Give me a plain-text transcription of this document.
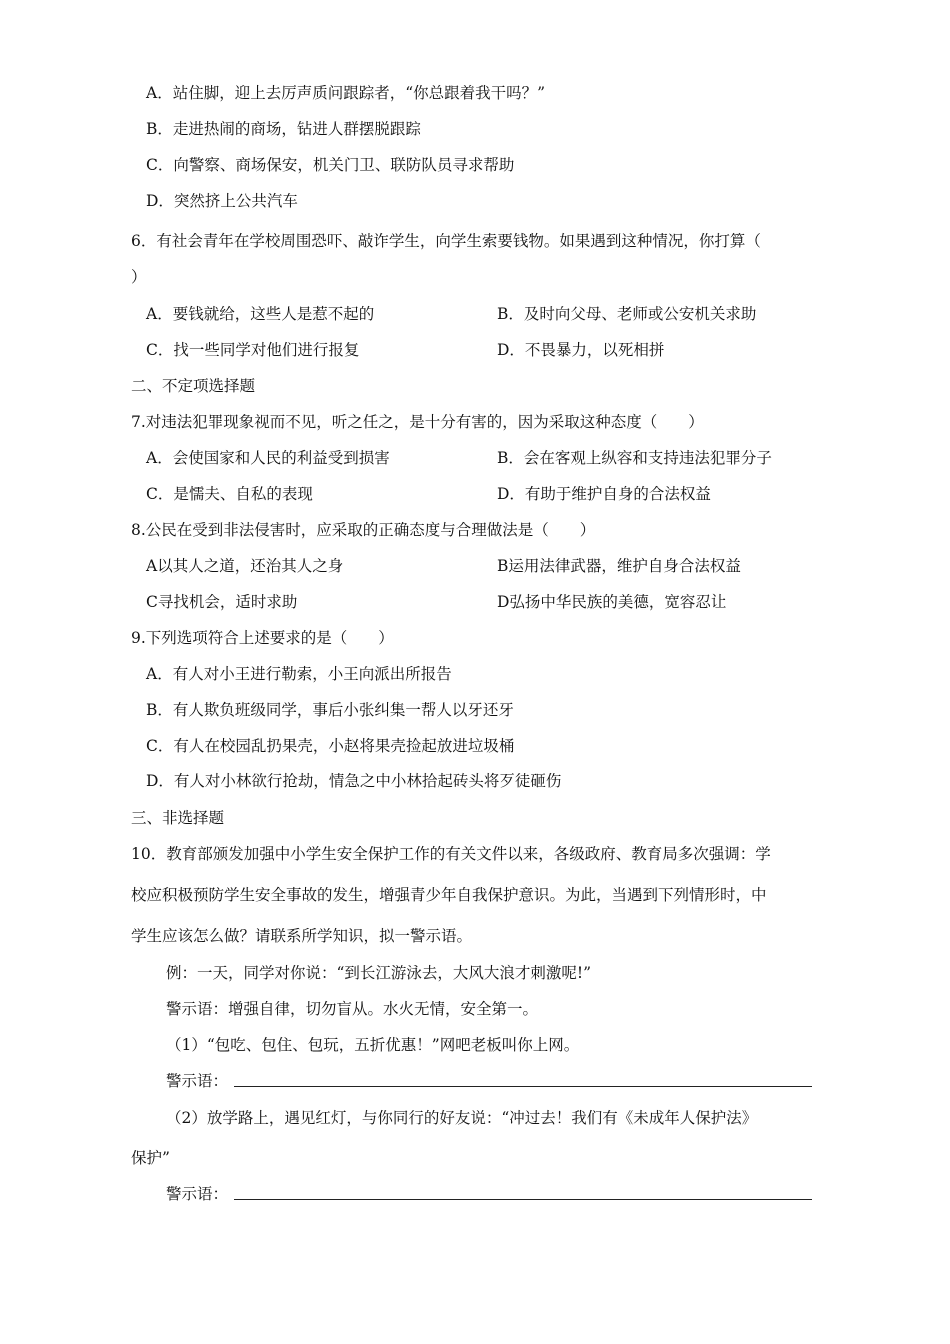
A．站住脚，迎上去厉声质问跟踪者，“你总跟着我干吗？”
B．走进热闹的商场，钻进人群摆脱跟踪
C．向警察、商场保安，机关门卫、联防队员寻求帮助
D．突然挤上公共汽车
6．有社会青年在学校周围恐吓、敲诈学生，向学生索要钱物。如果遇到这种情况，你打算（
）
A．要钱就给，这些人是惹不起的	B．及时向父母、老师或公安机关求助
C．找一些同学对他们进行报复	D．不畏暴力，以死相拼
二、不定项选择题
7.对违法犯罪现象视而不见，听之任之，是十分有害的，因为采取这种态度（　　）
A．会使国家和人民的利益受到损害	B．会在客观上纵容和支持违法犯罪分子
C．是懦夫、自私的表现	D．有助于维护自身的合法权益
8.公民在受到非法侵害时，应采取的正确态度与合理做法是（　　）
A以其人之道，还治其人之身	B运用法律武器，维护自身合法权益
C寻找机会，适时求助	D弘扬中华民族的美德，宽容忍让
9.下列选项符合上述要求的是（　　）
A．有人对小王进行勒索，小王向派出所报告
B．有人欺负班级同学，事后小张纠集一帮人以牙还牙
C．有人在校园乱扔果壳，小赵将果壳捡起放进垃圾桶
D．有人对小林欲行抢劫，情急之中小林拾起砖头将歹徒砸伤
三、非选择题
10．教育部颁发加强中小学生安全保护工作的有关文件以来，各级政府、教育局多次强调：学
校应积极预防学生安全事故的发生，增强青少年自我保护意识。为此，当遇到下列情形时，中
学生应该怎么做？请联系所学知识，拟一警示语。
例：一天，同学对你说：“到长江游泳去，大风大浪才刺激呢!”
警示语：增强自律，切勿盲从。水火无情，安全第一。
（1）“包吃、包住、包玩，五折优惠！”网吧老板叫你上网。
警示语：
（2）放学路上，遇见红灯，与你同行的好友说：“冲过去！我们有《未成年人保护法》
保护”
警示语：
